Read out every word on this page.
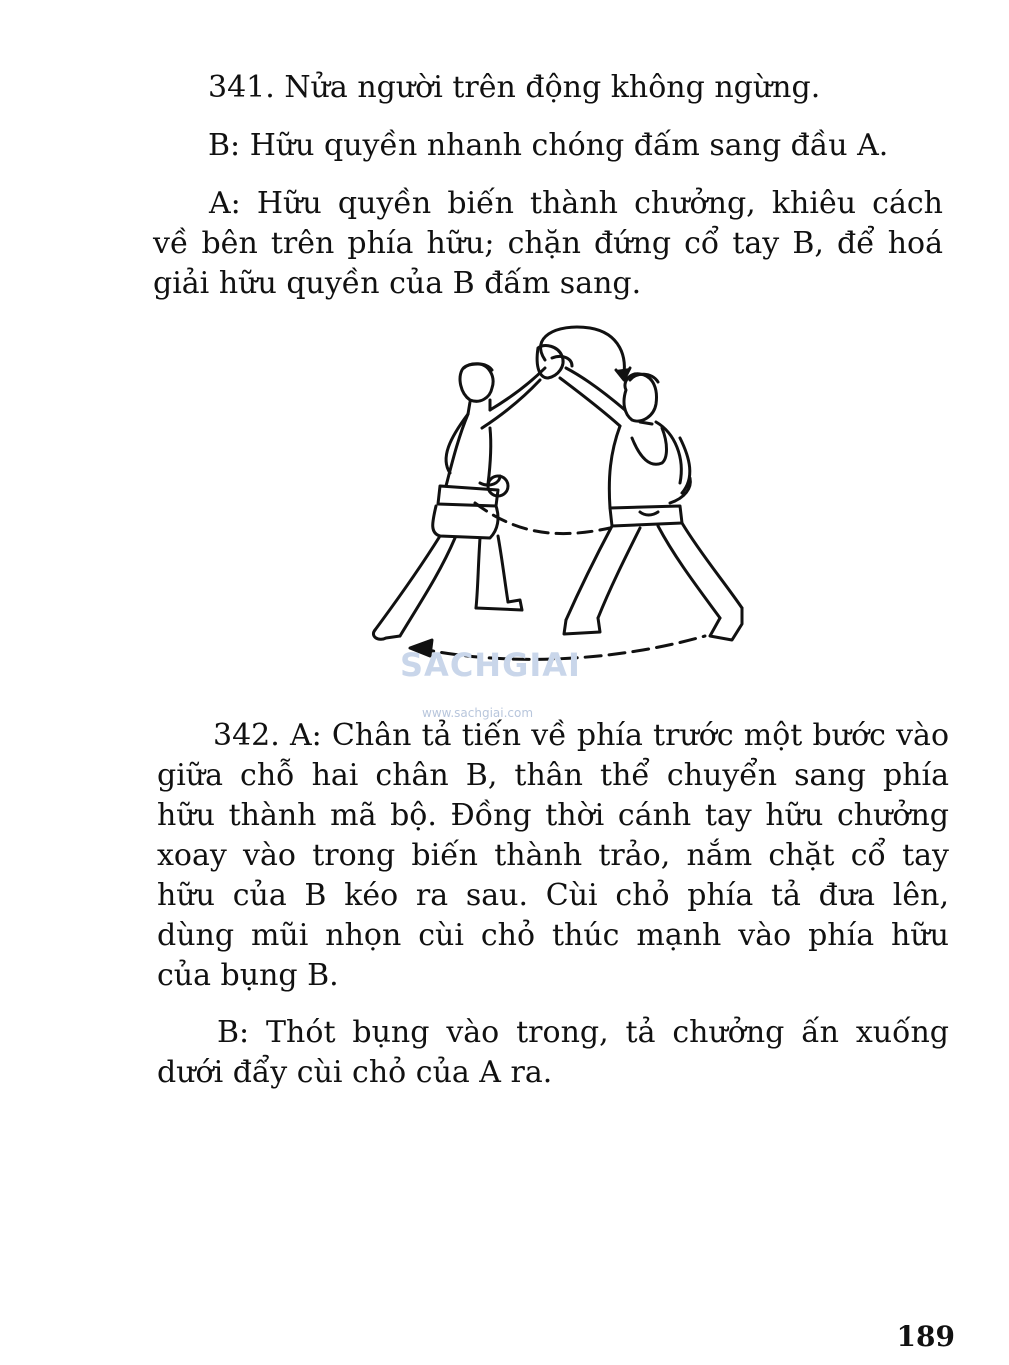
341. Nửa người trên động không ngừng.

B: Hữu quyền nhanh chóng đấm sang đầu A.

A: Hữu quyền biến thành chưởng, khiêu cách
về bên trên phía hữu; chặn đứng cổ tay B, để hoá
giải hữu quyền của B đấm sang.

SACHGIAI
www.sachgiai.com

342. A: Chân tả tiến về phía trước một bước vào
giữa chỗ hai chân B, thân thể chuyển sang phía
hữu thành mã bộ. Đồng thời cánh tay hữu chưởng
xoay vào trong biến thành trảo, nắm chặt cổ tay
hữu của B kéo ra sau. Cùi chỏ phía tả đưa lên,
dùng mũi nhọn cùi chỏ thúc mạnh vào phía hữu
của bụng B.

B: Thót bụng vào trong, tả chưởng ấn xuống
dưới đẩy cùi chỏ của A ra.

189
